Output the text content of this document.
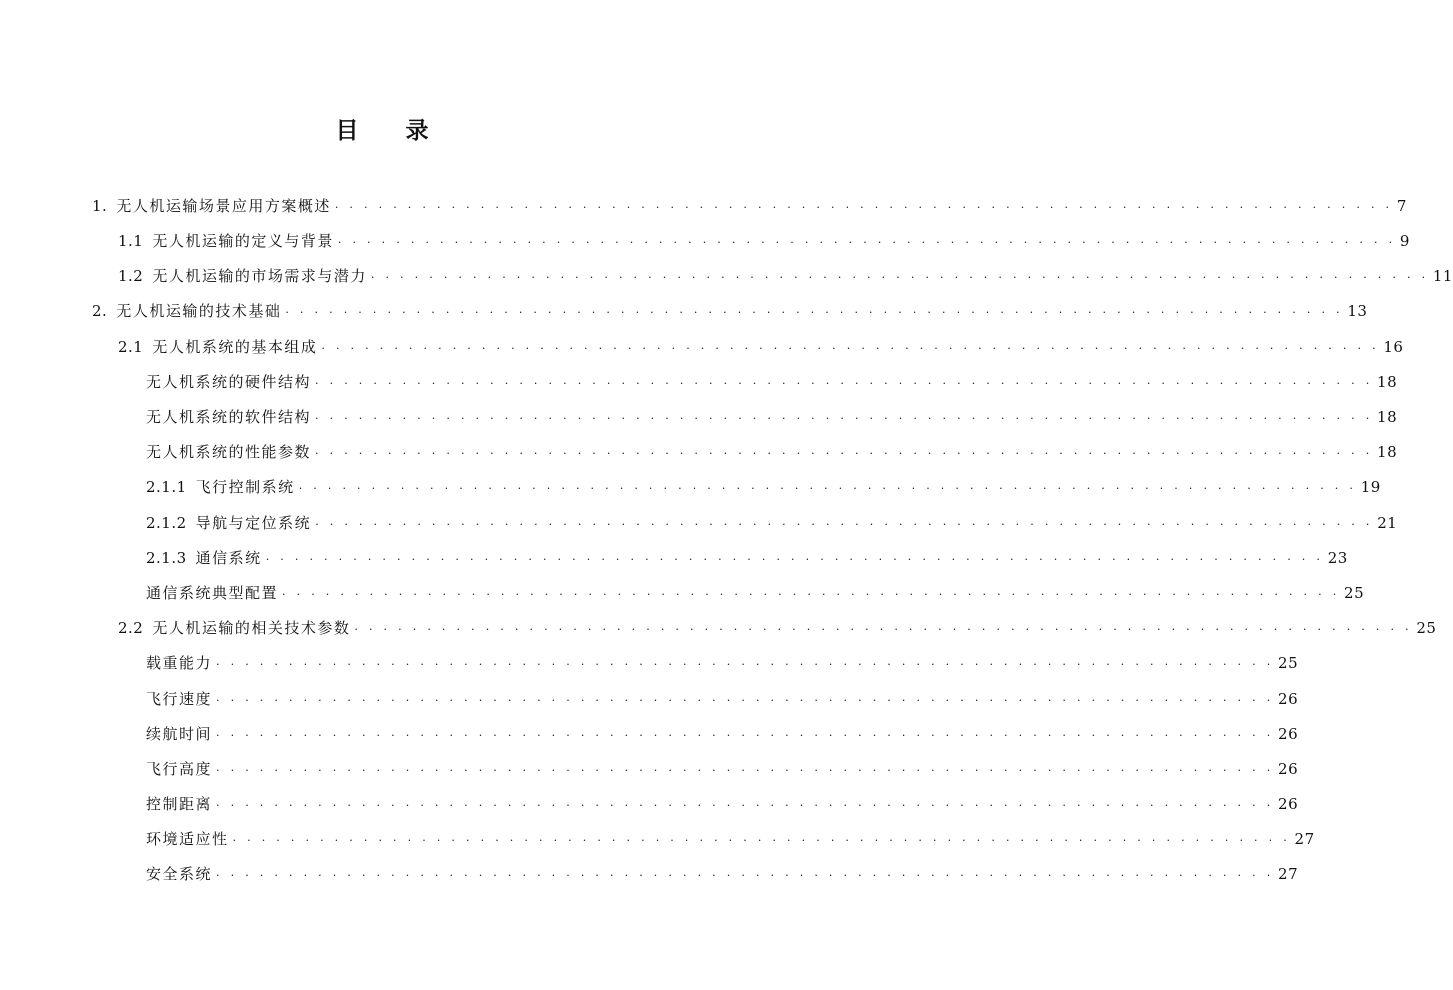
目 录
1. 无人机运输场景应用方案概述 . . . . . . . . . . . . . . . . . . . . . . . . . . . . . . . . . . . . . . . . . . . . . . . . . . . . . . . . . . . . . . . . . . . . . . . . . 7
1.1 无人机运输的定义与背景 . . . . . . . . . . . . . . . . . . . . . . . . . . . . . . . . . . . . . . . . . . . . . . . . . . . . . . . . . . . . . . . . . . . . . . . . . 9
1.2 无人机运输的市场需求与潜力 . . . . . . . . . . . . . . . . . . . . . . . . . . . . . . . . . . . . . . . . . . . . . . . . . . . . . . . . . . . . . . . . . . . . . . . . . 11
2. 无人机运输的技术基础 . . . . . . . . . . . . . . . . . . . . . . . . . . . . . . . . . . . . . . . . . . . . . . . . . . . . . . . . . . . . . . . . . . . . . . . . . 13
2.1 无人机系统的基本组成 . . . . . . . . . . . . . . . . . . . . . . . . . . . . . . . . . . . . . . . . . . . . . . . . . . . . . . . . . . . . . . . . . . . . . . . . . 16
无人机系统的硬件结构 . . . . . . . . . . . . . . . . . . . . . . . . . . . . . . . . . . . . . . . . . . . . . . . . . . . . . . . . . . . . . . . . . . . . . . . . . 18
无人机系统的软件结构 . . . . . . . . . . . . . . . . . . . . . . . . . . . . . . . . . . . . . . . . . . . . . . . . . . . . . . . . . . . . . . . . . . . . . . . . . 18
无人机系统的性能参数 . . . . . . . . . . . . . . . . . . . . . . . . . . . . . . . . . . . . . . . . . . . . . . . . . . . . . . . . . . . . . . . . . . . . . . . . . 18
2.1.1 飞行控制系统 . . . . . . . . . . . . . . . . . . . . . . . . . . . . . . . . . . . . . . . . . . . . . . . . . . . . . . . . . . . . . . . . . . . . . . . . . 19
2.1.2 导航与定位系统 . . . . . . . . . . . . . . . . . . . . . . . . . . . . . . . . . . . . . . . . . . . . . . . . . . . . . . . . . . . . . . . . . . . . . . . . . 21
2.1.3 通信系统 . . . . . . . . . . . . . . . . . . . . . . . . . . . . . . . . . . . . . . . . . . . . . . . . . . . . . . . . . . . . . . . . . . . . . . . . . 23
通信系统典型配置 . . . . . . . . . . . . . . . . . . . . . . . . . . . . . . . . . . . . . . . . . . . . . . . . . . . . . . . . . . . . . . . . . . . . . . . . . 25
2.2 无人机运输的相关技术参数 . . . . . . . . . . . . . . . . . . . . . . . . . . . . . . . . . . . . . . . . . . . . . . . . . . . . . . . . . . . . . . . . . . . . . . . . . 25
载重能力 . . . . . . . . . . . . . . . . . . . . . . . . . . . . . . . . . . . . . . . . . . . . . . . . . . . . . . . . . . . . . . . . . . . . . . . . . 25
飞行速度 . . . . . . . . . . . . . . . . . . . . . . . . . . . . . . . . . . . . . . . . . . . . . . . . . . . . . . . . . . . . . . . . . . . . . . . . . 26
续航时间 . . . . . . . . . . . . . . . . . . . . . . . . . . . . . . . . . . . . . . . . . . . . . . . . . . . . . . . . . . . . . . . . . . . . . . . . . 26
飞行高度 . . . . . . . . . . . . . . . . . . . . . . . . . . . . . . . . . . . . . . . . . . . . . . . . . . . . . . . . . . . . . . . . . . . . . . . . . 26
控制距离 . . . . . . . . . . . . . . . . . . . . . . . . . . . . . . . . . . . . . . . . . . . . . . . . . . . . . . . . . . . . . . . . . . . . . . . . . 26
环境适应性 . . . . . . . . . . . . . . . . . . . . . . . . . . . . . . . . . . . . . . . . . . . . . . . . . . . . . . . . . . . . . . . . . . . . . . . . . 27
安全系统 . . . . . . . . . . . . . . . . . . . . . . . . . . . . . . . . . . . . . . . . . . . . . . . . . . . . . . . . . . . . . . . . . . . . . . . . . 27
